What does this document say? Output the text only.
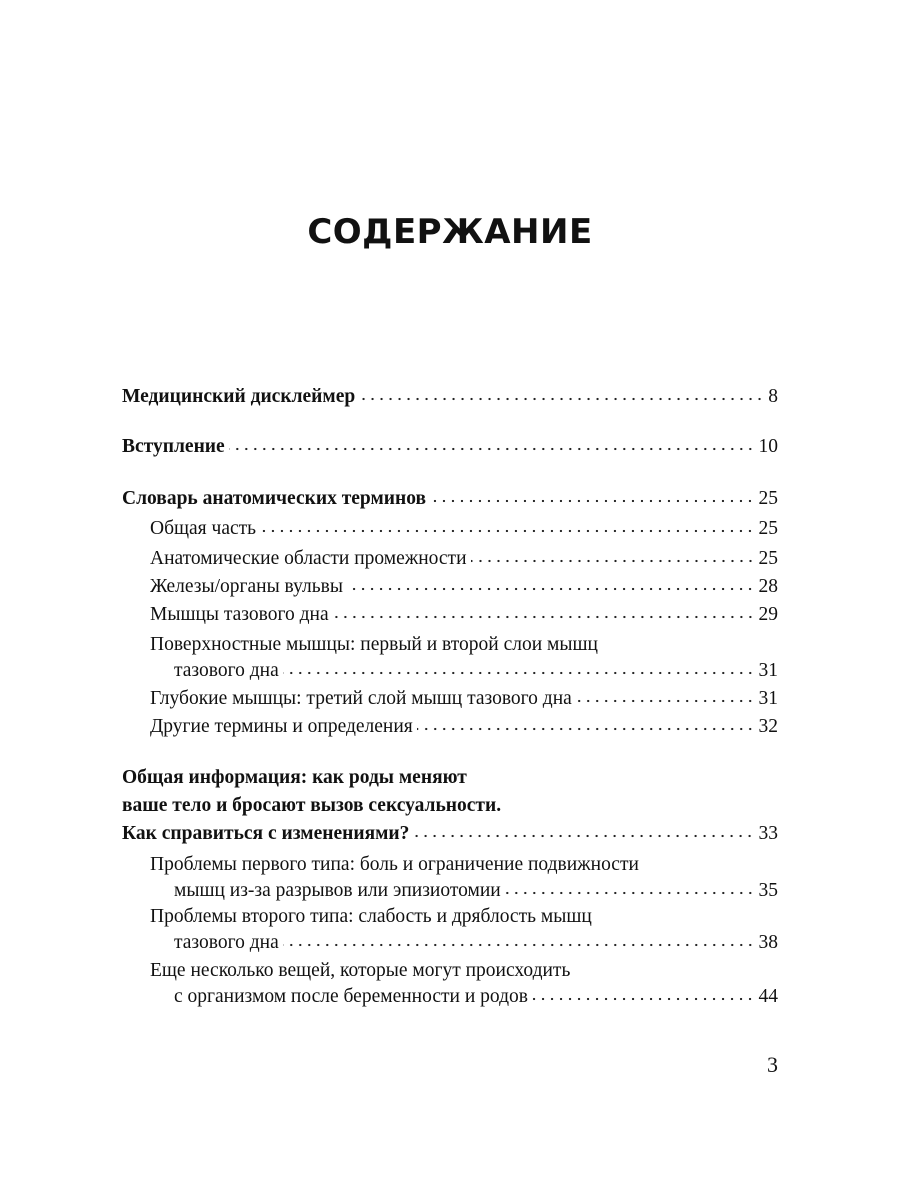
СОДЕРЖАНИЕ
Медицинский дисклеймер	8
Вступление	10
Словарь анатомических терминов	25
Общая часть	25
Анатомические области промежности	25
Железы/органы вульвы	28
Мышцы тазового дна	29
Поверхностные мышцы: первый и второй слои мышц
тазового дна	31
Глубокие мышцы: третий слой мышц тазового дна	31
Другие термины и определения	32
Общая информация: как роды меняют
ваше тело и бросают вызов сексуальности.
Как справиться с изменениями?	33
Проблемы первого типа: боль и ограничение подвижности
мышц из-за разрывов или эпизиотомии	35
Проблемы второго типа: слабость и дряблость мышц
тазового дна	38
Еще несколько вещей, которые могут происходить
с организмом после беременности и родов	44

3
